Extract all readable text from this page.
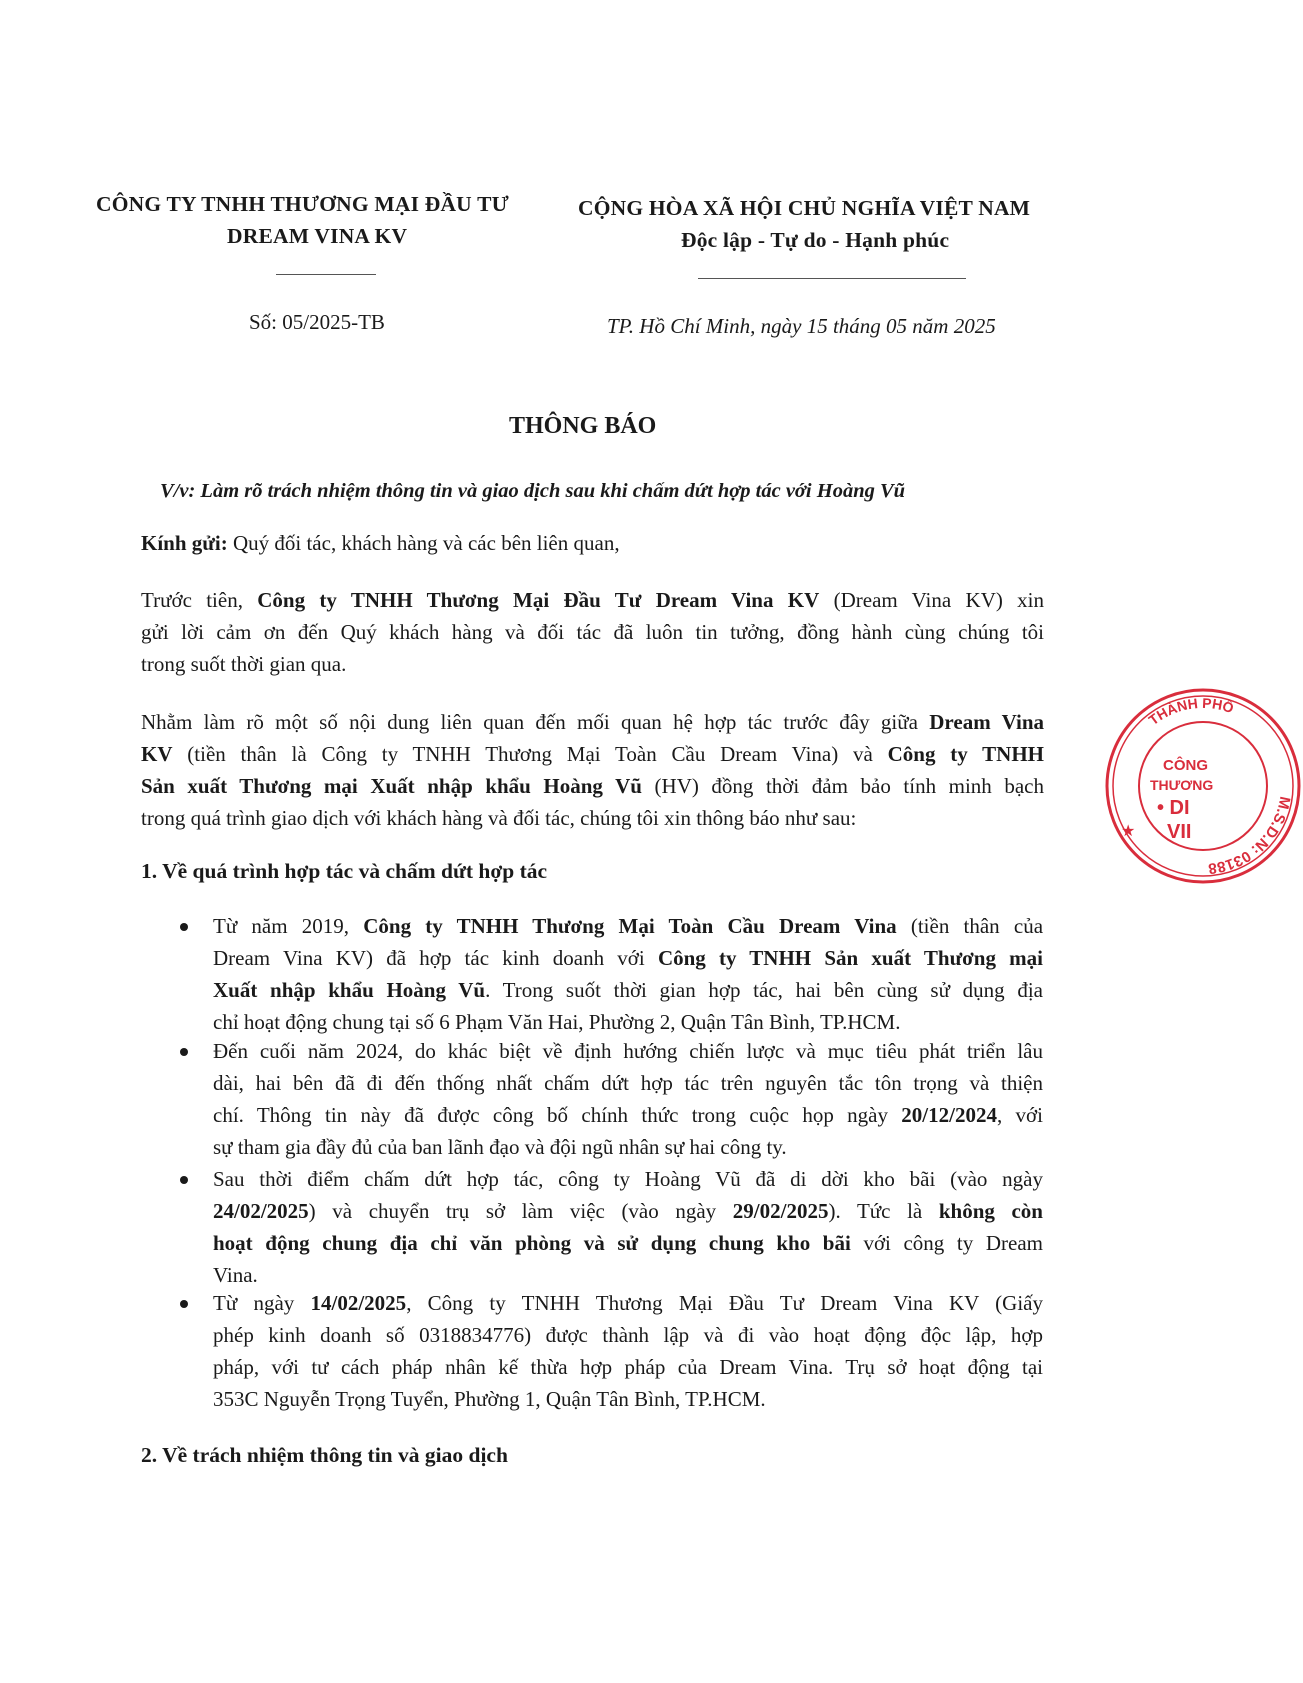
CÔNG TY TNHH THƯƠNG MẠI ĐẦU TƯ
DREAM VINA KV
CỘNG HÒA XÃ HỘI CHỦ NGHĨA VIỆT NAM
Độc lập - Tự do - Hạnh phúc
Số: 05/2025-TB	TP. Hồ Chí Minh, ngày 15 tháng 05 năm 2025
THÔNG BÁO
V/v: Làm rõ trách nhiệm thông tin và giao dịch sau khi chấm dứt hợp tác với Hoàng Vũ
Kính gửi: Quý đối tác, khách hàng và các bên liên quan,
Trước tiên, Công ty TNHH Thương Mại Đầu Tư Dream Vina KV (Dream Vina KV) xin
gửi lời cảm ơn đến Quý khách hàng và đối tác đã luôn tin tưởng, đồng hành cùng chúng tôi
trong suốt thời gian qua.
Nhằm làm rõ một số nội dung liên quan đến mối quan hệ hợp tác trước đây giữa Dream Vina
KV (tiền thân là Công ty TNHH Thương Mại Toàn Cầu Dream Vina) và Công ty TNHH
Sản xuất Thương mại Xuất nhập khẩu Hoàng Vũ (HV) đồng thời đảm bảo tính minh bạch
trong quá trình giao dịch với khách hàng và đối tác, chúng tôi xin thông báo như sau:
1. Về quá trình hợp tác và chấm dứt hợp tác
Từ năm 2019, Công ty TNHH Thương Mại Toàn Cầu Dream Vina (tiền thân của
Dream Vina KV) đã hợp tác kinh doanh với Công ty TNHH Sản xuất Thương mại
Xuất nhập khẩu Hoàng Vũ. Trong suốt thời gian hợp tác, hai bên cùng sử dụng địa
chỉ hoạt động chung tại số 6 Phạm Văn Hai, Phường 2, Quận Tân Bình, TP.HCM.
Đến cuối năm 2024, do khác biệt về định hướng chiến lược và mục tiêu phát triển lâu
dài, hai bên đã đi đến thống nhất chấm dứt hợp tác trên nguyên tắc tôn trọng và thiện
chí. Thông tin này đã được công bố chính thức trong cuộc họp ngày 20/12/2024, với
sự tham gia đầy đủ của ban lãnh đạo và đội ngũ nhân sự hai công ty.
Sau thời điểm chấm dứt hợp tác, công ty Hoàng Vũ đã di dời kho bãi (vào ngày
24/02/2025) và chuyển trụ sở làm việc (vào ngày 29/02/2025). Tức là không còn
hoạt động chung địa chỉ văn phòng và sử dụng chung kho bãi với công ty Dream
Vina.
Từ ngày 14/02/2025, Công ty TNHH Thương Mại Đầu Tư Dream Vina KV (Giấy
phép kinh doanh số 0318834776) được thành lập và đi vào hoạt động độc lập, hợp
pháp, với tư cách pháp nhân kế thừa hợp pháp của Dream Vina. Trụ sở hoạt động tại
353C Nguyễn Trọng Tuyển, Phường 1, Quận Tân Bình, TP.HCM.
2. Về trách nhiệm thông tin và giao dịch
M.S.D.N: 03188
THÀNH PHỐ
★
CÔNG
THƯƠNG
• DI
VII
